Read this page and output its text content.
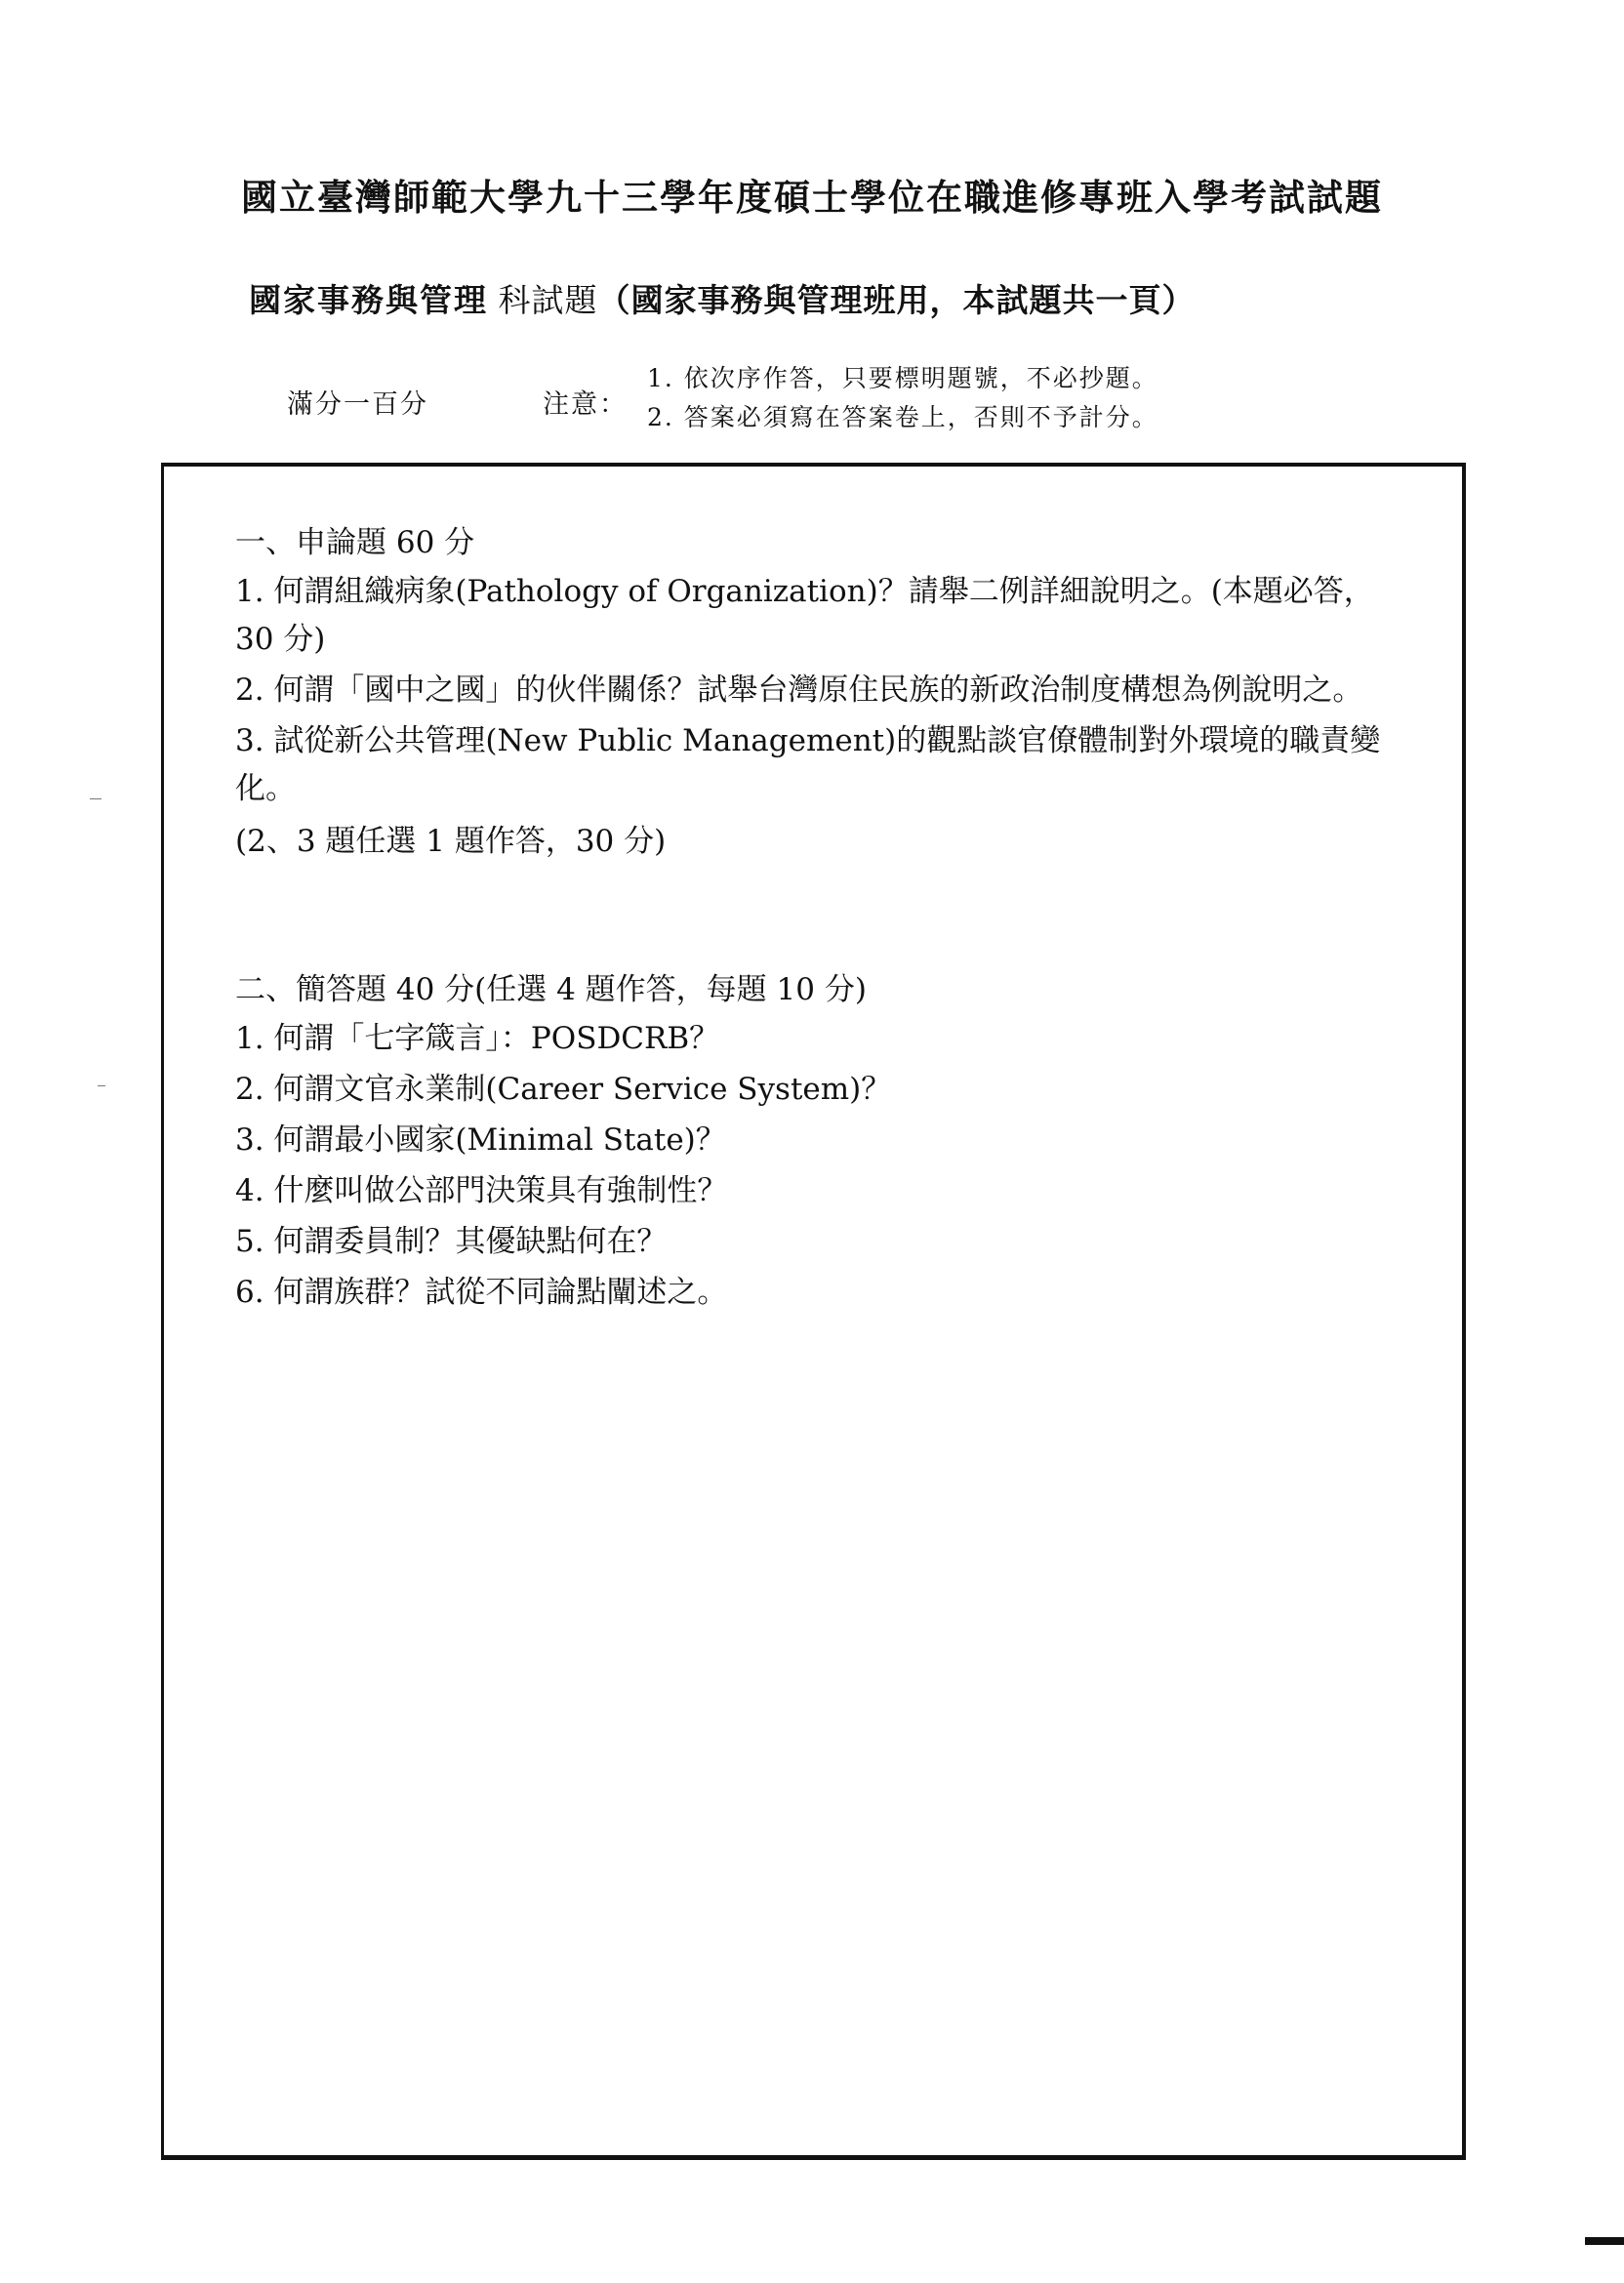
國立臺灣師範大學九十三學年度碩士學位在職進修專班入學考試試題
國家事務與管理 科試題（國家事務與管理班用，本試題共一頁）
滿分一百分	注意：
1. 依次序作答，只要標明題號，不必抄題。
2. 答案必須寫在答案卷上，否則不予計分。
一、申論題 60 分
1. 何謂組織病象(Pathology of Organization)？請舉二例詳細說明之。(本題必答，30 分)
2. 何謂「國中之國」的伙伴關係？試舉台灣原住民族的新政治制度構想為例說明之。
3. 試從新公共管理(New Public Management)的觀點談官僚體制對外環境的職責變化。
(2、3 題任選 1 題作答，30 分)
二、簡答題 40 分(任選 4 題作答，每題 10 分)
1. 何謂「七字箴言」：POSDCRB？
2. 何謂文官永業制(Career Service System)？
3. 何謂最小國家(Minimal State)？
4. 什麼叫做公部門決策具有強制性？
5. 何謂委員制？其優缺點何在？
6. 何謂族群？試從不同論點闡述之。
